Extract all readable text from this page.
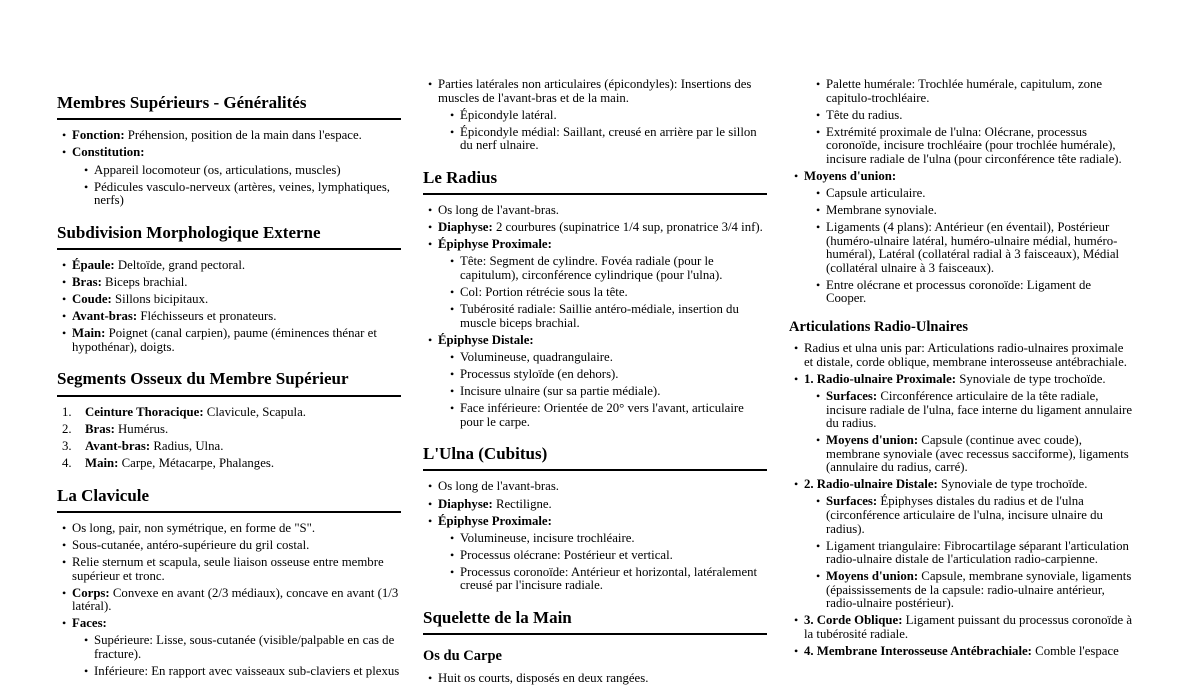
Membres Supérieurs - Généralités
• Fonction: Préhension, position de la main dans l'espace.
• Constitution:
• Appareil locomoteur (os, articulations, muscles)
• Pédicules vasculo-nerveux (artères, veines, lymphatiques, nerfs)
Subdivision Morphologique Externe
• Épaule: Deltoïde, grand pectoral.
• Bras: Biceps brachial.
• Coude: Sillons bicipitaux.
• Avant-bras: Fléchisseurs et pronateurs.
• Main: Poignet (canal carpien), paume (éminences thénar et hypothénar), doigts.
Segments Osseux du Membre Supérieur
Ceinture Thoracique: Clavicule, Scapula.
Bras: Humérus.
Avant-bras: Radius, Ulna.
Main: Carpe, Métacarpe, Phalanges.
La Clavicule
• Os long, pair, non symétrique, en forme de "S".
• Sous-cutanée, antéro-supérieure du gril costal.
• Relie sternum et scapula, seule liaison osseuse entre membre supérieur et tronc.
• Corps: Convexe en avant (2/3 médiaux), concave en avant (1/3 latéral).
• Faces:
• Supérieure: Lisse, sous-cutanée (visible/palpable en cas de fracture).
• Inférieure: En rapport avec vaisseaux sub-claviers et plexus
• Parties latérales non articulaires (épicondyles): Insertions des muscles de l'avant-bras et de la main.
• Épicondyle latéral.
• Épicondyle médial: Saillant, creusé en arrière par le sillon du nerf ulnaire.
Le Radius
• Os long de l'avant-bras.
• Diaphyse: 2 courbures (supinatrice 1/4 sup, pronatrice 3/4 inf).
• Épiphyse Proximale:
• Tête: Segment de cylindre. Fovéa radiale (pour le capitulum), circonférence cylindrique (pour l'ulna).
• Col: Portion rétrécie sous la tête.
• Tubérosité radiale: Saillie antéro-médiale, insertion du muscle biceps brachial.
• Épiphyse Distale:
• Volumineuse, quadrangulaire.
• Processus styloïde (en dehors).
• Incisure ulnaire (sur sa partie médiale).
• Face inférieure: Orientée de 20° vers l'avant, articulaire pour le carpe.
L'Ulna (Cubitus)
• Os long de l'avant-bras.
• Diaphyse: Rectiligne.
• Épiphyse Proximale:
• Volumineuse, incisure trochléaire.
• Processus olécrane: Postérieur et vertical.
• Processus coronoïde: Antérieur et horizontal, latéralement creusé par l'incisure radiale.
Squelette de la Main
Os du Carpe
• Huit os courts, disposés en deux rangées.
• Palette humérale: Trochlée humérale, capitulum, zone capitulo-trochléaire.
• Tête du radius.
• Extrémité proximale de l'ulna: Olécrane, processus coronoïde, incisure trochléaire (pour trochlée humérale), incisure radiale de l'ulna (pour circonférence tête radiale).
• Moyens d'union:
• Capsule articulaire.
• Membrane synoviale.
• Ligaments (4 plans): Antérieur (en éventail), Postérieur (huméro-ulnaire latéral, huméro-ulnaire médial, huméro-huméral), Latéral (collatéral radial à 3 faisceaux), Médial (collatéral ulnaire à 3 faisceaux).
• Entre olécrane et processus coronoïde: Ligament de Cooper.
Articulations Radio-Ulnaires
• Radius et ulna unis par: Articulations radio-ulnaires proximale et distale, corde oblique, membrane interosseuse antébrachiale.
• 1. Radio-ulnaire Proximale: Synoviale de type trochoïde.
• Surfaces: Circonférence articulaire de la tête radiale, incisure radiale de l'ulna, face interne du ligament annulaire du radius.
• Moyens d'union: Capsule (continue avec coude), membrane synoviale (avec recessus sacciforme), ligaments (annulaire du radius, carré).
• 2. Radio-ulnaire Distale: Synoviale de type trochoïde.
• Surfaces: Épiphyses distales du radius et de l'ulna (circonférence articulaire de l'ulna, incisure ulnaire du radius).
• Ligament triangulaire: Fibrocartilage séparant l'articulation radio-ulnaire distale de l'articulation radio-carpienne.
• Moyens d'union: Capsule, membrane synoviale, ligaments (épaississements de la capsule: radio-ulnaire antérieur, radio-ulnaire postérieur).
• 3. Corde Oblique: Ligament puissant du processus coronoïde à la tubérosité radiale.
• 4. Membrane Interosseuse Antébrachiale: Comble l'espace
